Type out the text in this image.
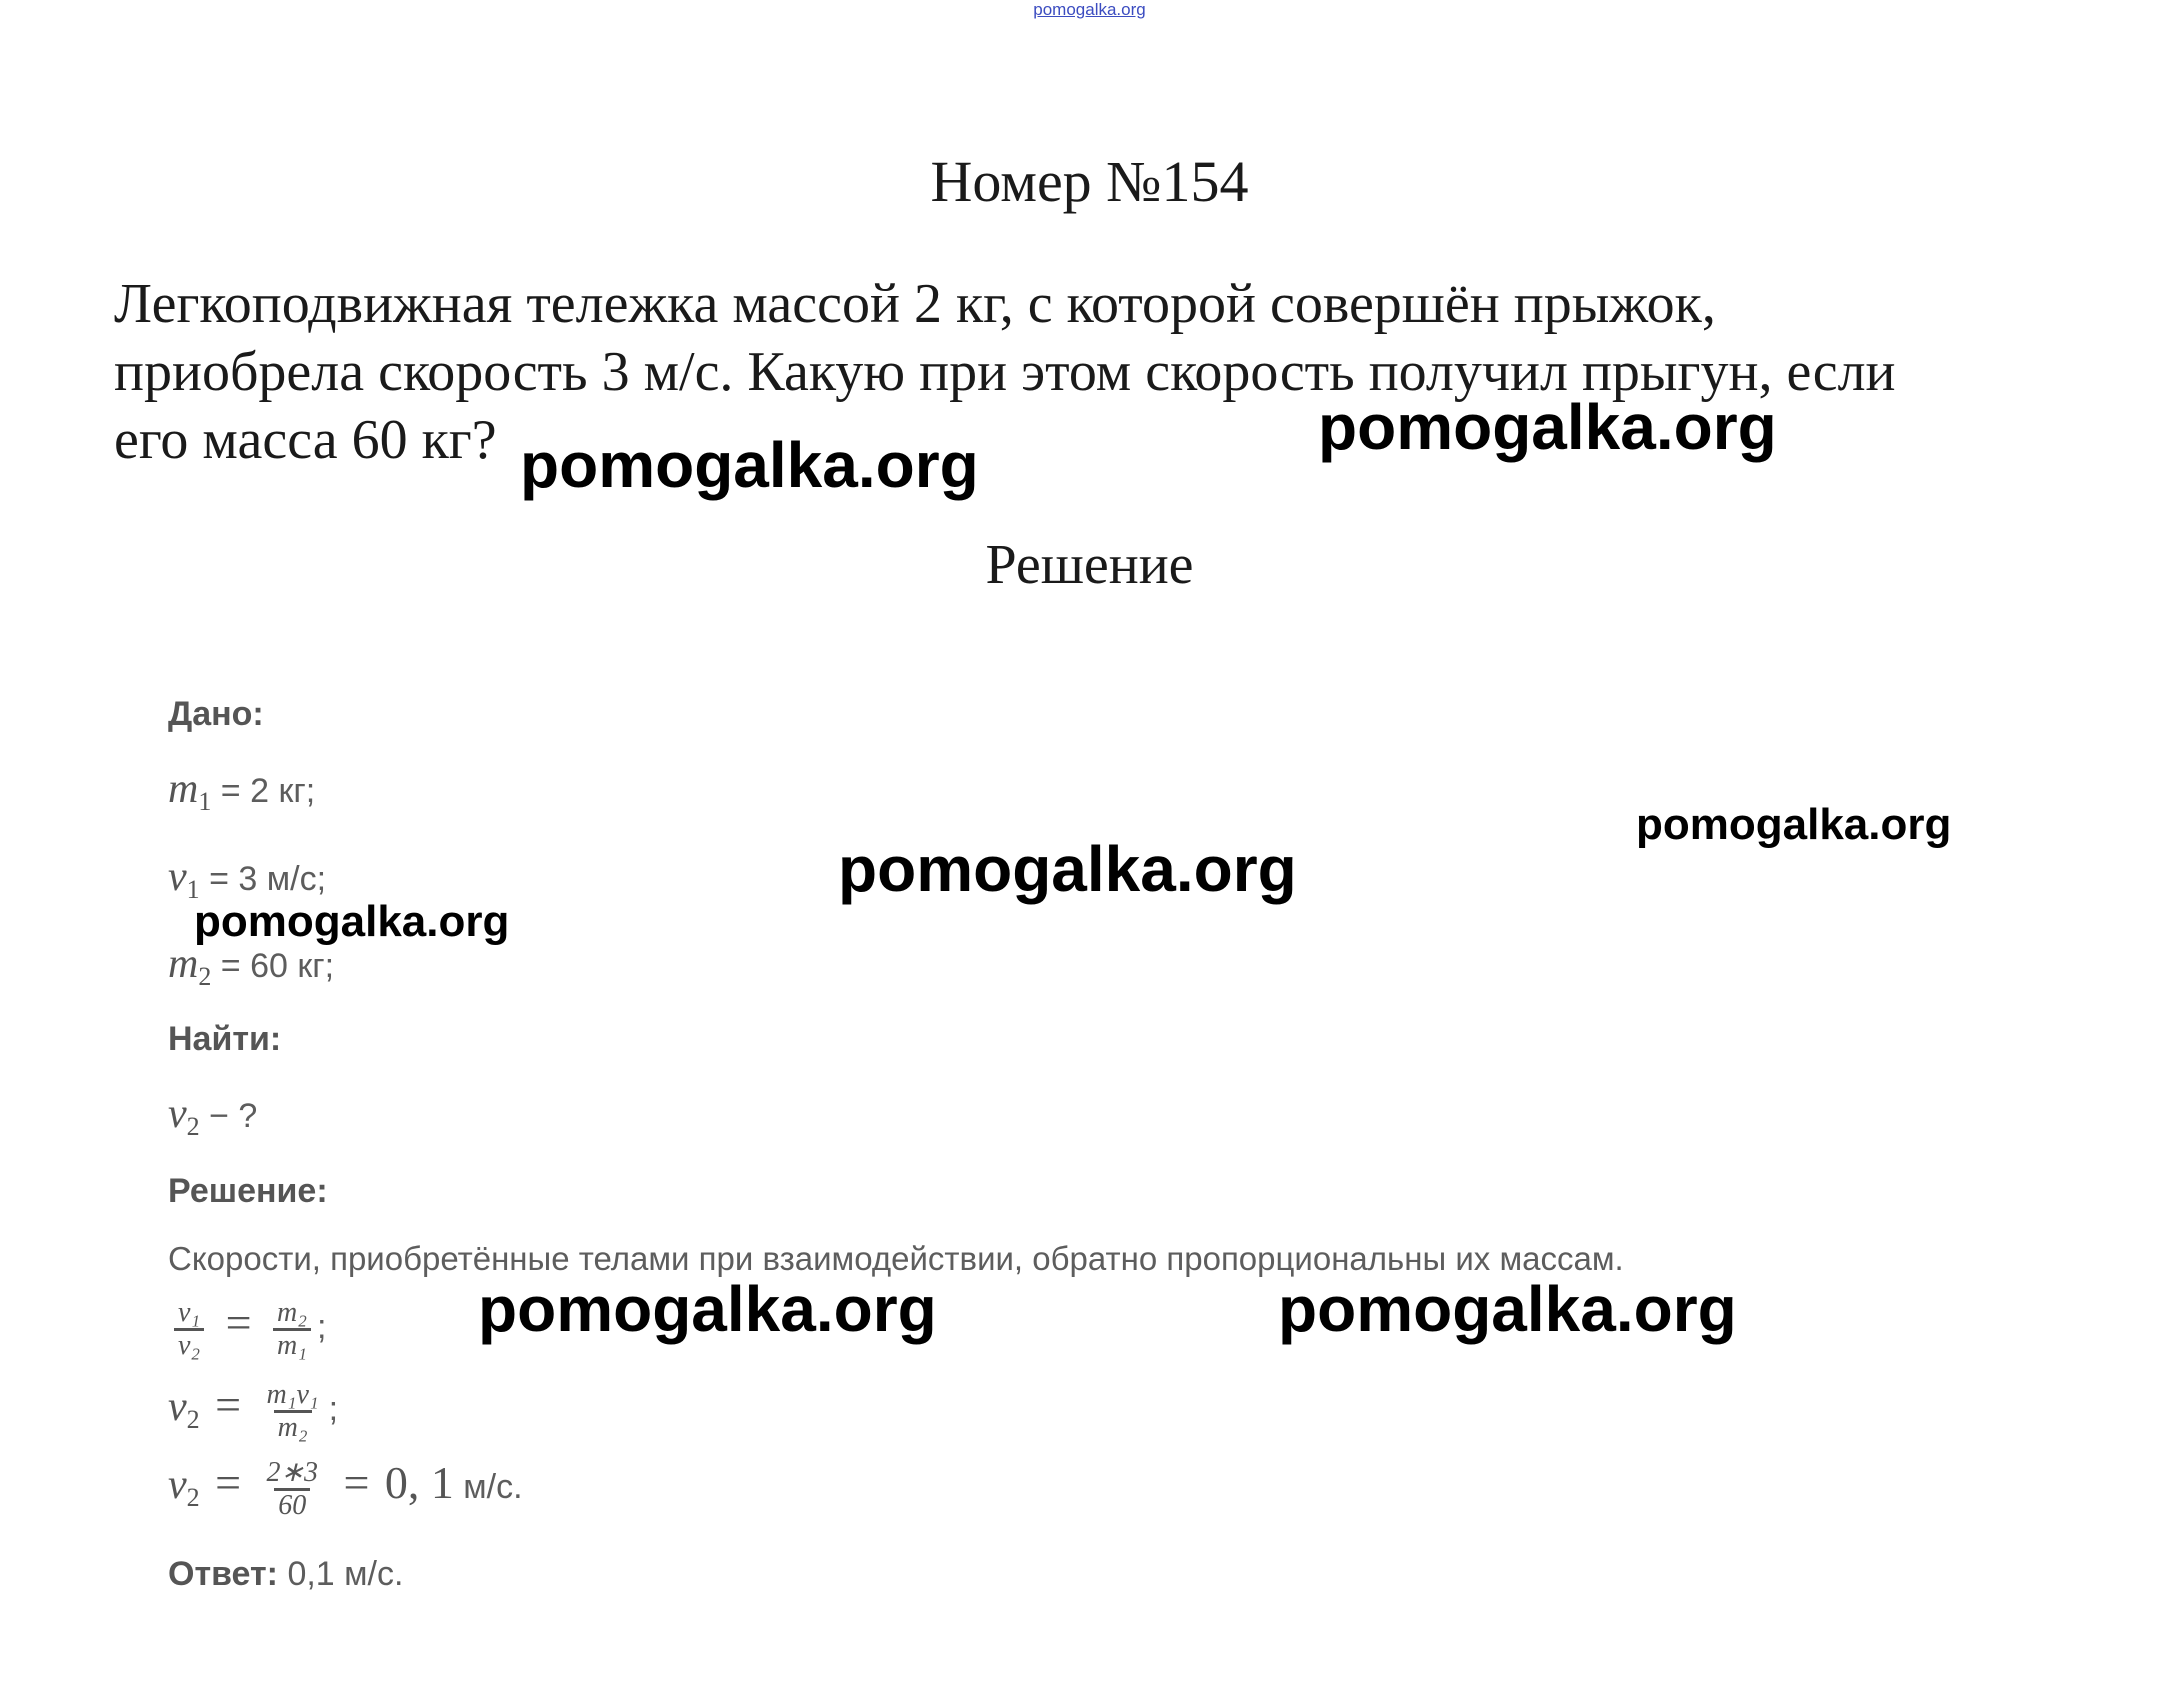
pomogalka.org
Номер №154
Легкоподвижная тележка массой 2 кг, с которой совершён прыжок,
приобрела скорость 3 м/с. Какую при этом скорость получил прыгун, если
его масса 60 кг?	pomogalka.org
pomogalka.org
Решение
Дано:
$m_1 = 2$ кг;
$v_1 = 3$ м/с;
$m_2 = 60$ кг;
Найти:
$v_2$ − ?
Решение:
Скорости, приобретённые телами при взаимодействии, обратно пропорциональны их массам.
$\frac{\text{v₁}}{\text{v₂}} = \frac{\text{m₂}}{\text{m₁}}$ ;
$v_2 = \frac{\text{m₁v₁}}{\text{m₂}}$ ;
$v_2 = \frac{2∗3}{60} = 0$, 1 м/с.
Ответ: 0,1 м/с.
pomogalka.org
pomogalka.org
pomogalka.org
pomogalka.org	pomogalka.org
